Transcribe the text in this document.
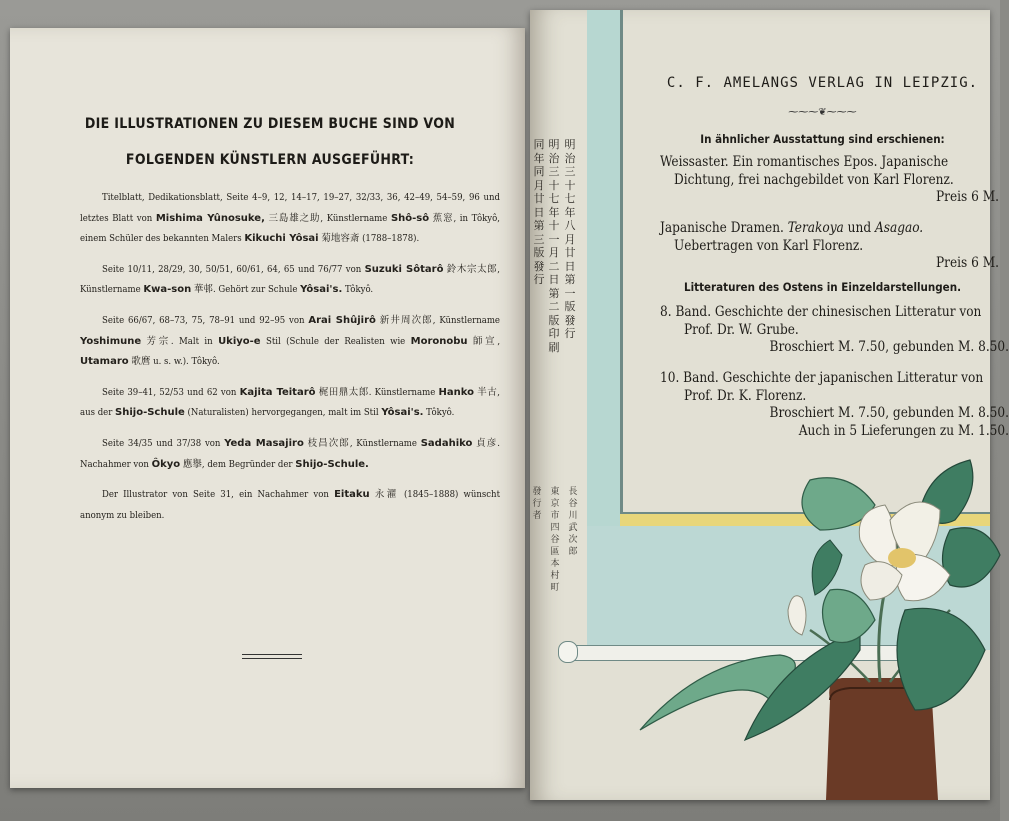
DIE ILLUSTRATIONEN ZU DIESEM BUCHE SIND VON
FOLGENDEN KÜNSTLERN AUSGEFÜHRT:

Titelblatt, Dedikationsblatt, Seite 4–9, 12, 14–17, 19–27, 32/33, 36, 42–49, 54–59, 96 und letztes Blatt von Mishima Yûnosuke, 三島雄之助, Künstlername Shô-sô 蕉窓, in Tôkyô, einem Schüler des bekannten Malers Kikuchi Yôsai 菊地容斎 (1788–1878).

Seite 10/11, 28/29, 30, 50/51, 60/61, 64, 65 und 76/77 von Suzuki Sôtarô 鈴木宗太郎, Künstlername Kwa-son 華邨. Gehört zur Schule Yôsai's. Tôkyô.

Seite 66/67, 68–73, 75, 78–91 und 92–95 von Arai Shûjirô 新井周次郎, Künstlername Yoshimune 芳宗. Malt in Ukiyo-e Stil (Schule der Realisten wie Moronobu 師宣, Utamaro 歌麿 u. s. w.). Tôkyô.

Seite 39–41, 52/53 und 62 von Kajita Teitarô 梶田鼎太郎. Künstlername Hanko 半古, aus der Shijo-Schule (Naturalisten) hervorgegangen, malt im Stil Yôsai's. Tôkyô.

Seite 34/35 und 37/38 von Yeda Masajiro 枝昌次郎, Künstlername Sadahiko 貞彦. Nachahmer von Ôkyo 應擧, dem Begründer der Shijo-Schule.

Der Illustrator von Seite 31, ein Nachahmer von Eitaku 永濯 (1845–1888) wünscht anonym zu bleiben.

明治三十七年八月廿日第一版發行
明治三十七年十一月二日第二版印刷
同年同月廿日第三版發行
發行者
東京市四谷區本村町
長谷川武次郎
C. F. AMELANGS VERLAG IN LEIPZIG.
⁓⁓⁓❦⁓⁓⁓
In ähnlicher Ausstattung sind erschienen:
Weissaster. Ein romantisches Epos. Japanische Dichtung, frei nachgebildet von Karl Florenz.
Preis 6 M.
Japanische Dramen. Terakoya und Asagao. Uebertragen von Karl Florenz.
Preis 6 M.
Litteraturen des Ostens in Einzeldarstellungen.
8. Band. Geschichte der chinesischen Litteratur von Prof. Dr. W. Grube.
Broschiert M. 7.50, gebunden M. 8.50.
10. Band. Geschichte der japanischen Litteratur von Prof. Dr. K. Florenz.
Broschiert M. 7.50, gebunden M. 8.50.
Auch in 5 Lieferungen zu M. 1.50.
